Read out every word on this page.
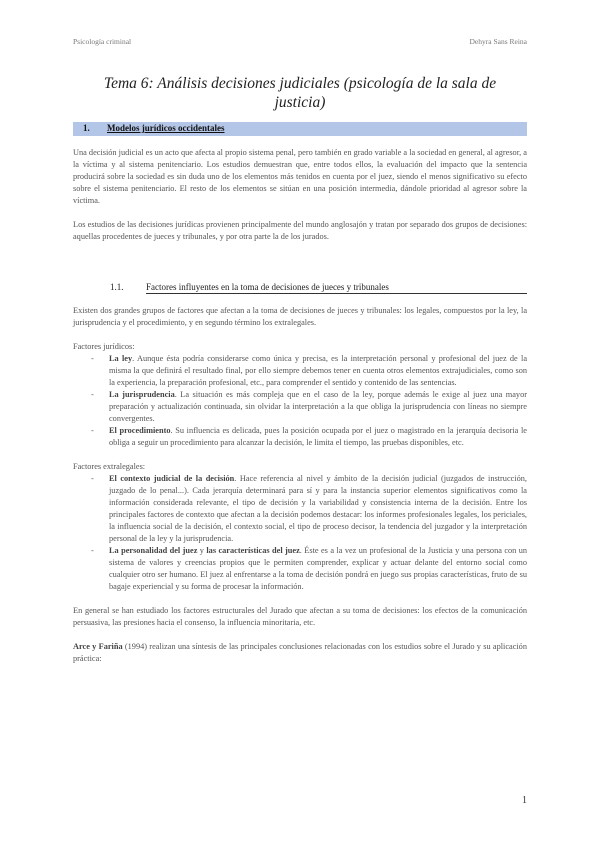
Psicología criminal	Dehyra Sans Reina
Tema 6: Análisis decisiones judiciales (psicología de la sala de justicia)
1. Modelos jurídicos occidentales

Una decisión judicial es un acto que afecta al propio sistema penal, pero también en grado variable a la sociedad en general, al agresor, a la víctima y al sistema penitenciario. Los estudios demuestran que, entre todos ellos, la evaluación del impacto que la sentencia producirá sobre la sociedad es sin duda uno de los elementos más tenidos en cuenta por el juez, siendo el menos significativo su efecto sobre el sistema penitenciario. El resto de los elementos se sitúan en una posición intermedia, dándole prioridad al agresor sobre la víctima.

Los estudios de las decisiones jurídicas provienen principalmente del mundo anglosajón y tratan por separado dos grupos de decisiones: aquellas procedentes de jueces y tribunales, y por otra parte la de los jurados.

1.1.	Factores influyentes en la toma de decisiones de jueces y tribunales

Existen dos grandes grupos de factores que afectan a la toma de decisiones de jueces y tribunales: los legales, compuestos por la ley, la jurisprudencia y el procedimiento, y en segundo término los extralegales.

Factores jurídicos:

- La ley. Aunque ésta podría considerarse como única y precisa, es la interpretación personal y profesional del juez de la misma la que definirá el resultado final, por ello siempre debemos tener en cuenta otros elementos extrajudiciales, como son la experiencia, la preparación profesional, etc., para comprender el sentido y contenido de las sentencias.
- La jurisprudencia. La situación es más compleja que en el caso de la ley, porque además le exige al juez una mayor preparación y actualización continuada, sin olvidar la interpretación a la que obliga la jurisprudencia con líneas no siempre convergentes.
- El procedimiento. Su influencia es delicada, pues la posición ocupada por el juez o magistrado en la jerarquía decisoria le obliga a seguir un procedimiento para alcanzar la decisión, le limita el tiempo, las pruebas disponibles, etc.

Factores extralegales:

- El contexto judicial de la decisión. Hace referencia al nivel y ámbito de la decisión judicial (juzgados de instrucción, juzgado de lo penal...). Cada jerarquía determinará para sí y para la instancia superior elementos significativos como la información considerada relevante, el tipo de decisión y la variabilidad y consistencia interna de la decisión. Entre los principales factores de contexto que afectan a la decisión podemos destacar: los informes profesionales legales, los periciales, la influencia social de la decisión, el contexto social, el tipo de proceso decisor, la tendencia del juzgador y la interpretación personal de la ley y la jurisprudencia.
- La personalidad del juez y las características del juez. Éste es a la vez un profesional de la Justicia y una persona con un sistema de valores y creencias propios que le permiten comprender, explicar y actuar delante del entorno social como cualquier otro ser humano. El juez al enfrentarse a la toma de decisión pondrá en juego sus propias características, fruto de su bagaje experiencial y su forma de procesar la información.

En general se han estudiado los factores estructurales del Jurado que afectan a su toma de decisiones: los efectos de la comunicación persuasiva, las presiones hacia el consenso, la influencia minoritaria, etc.

Arce y Fariña (1994) realizan una síntesis de las principales conclusiones relacionadas con los estudios sobre el Jurado y su aplicación práctica:

1
